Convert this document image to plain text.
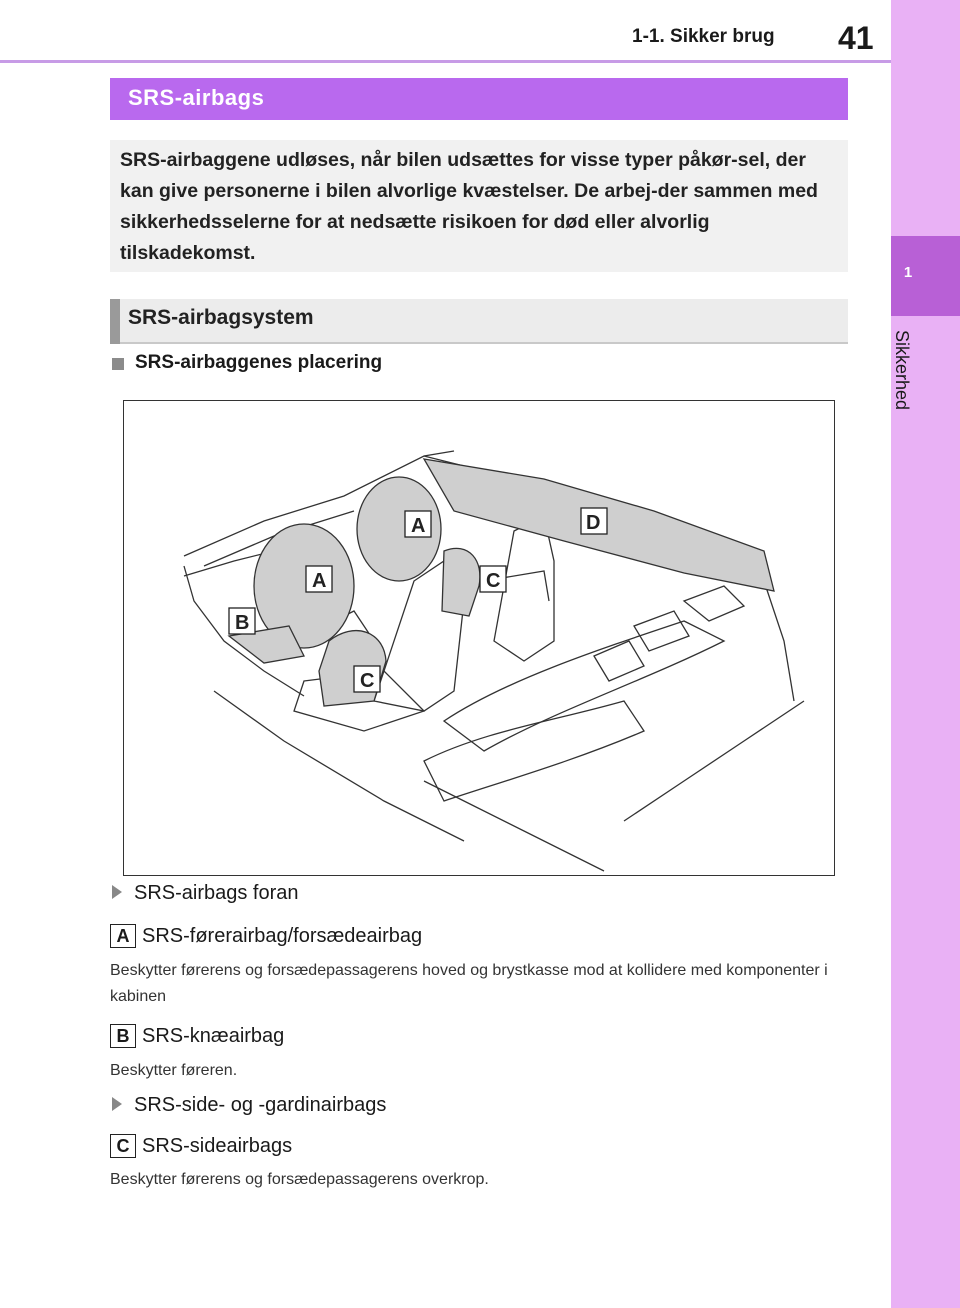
1-1. Sikker brug 41
1
Sikkerhed
SRS-airbags
SRS-airbaggene udløses, når bilen udsættes for visse typer påkør-sel, der kan give personerne i bilen alvorlige kvæstelser. De arbej-der sammen med sikkerhedsselerne for at nedsætte risikoen for død eller alvorlig tilskadekomst.
SRS-airbagsystem
SRS-airbaggenes placering
A
A
B
C
C
D
SRS-airbags foran
A SRS-førerairbag/forsædeairbag
Beskytter førerens og forsædepassagerens hoved og brystkasse mod at kollidere med komponenter i kabinen
B SRS-knæairbag
Beskytter føreren.
SRS-side- og -gardinairbags
C SRS-sideairbags
Beskytter førerens og forsædepassagerens overkrop.
